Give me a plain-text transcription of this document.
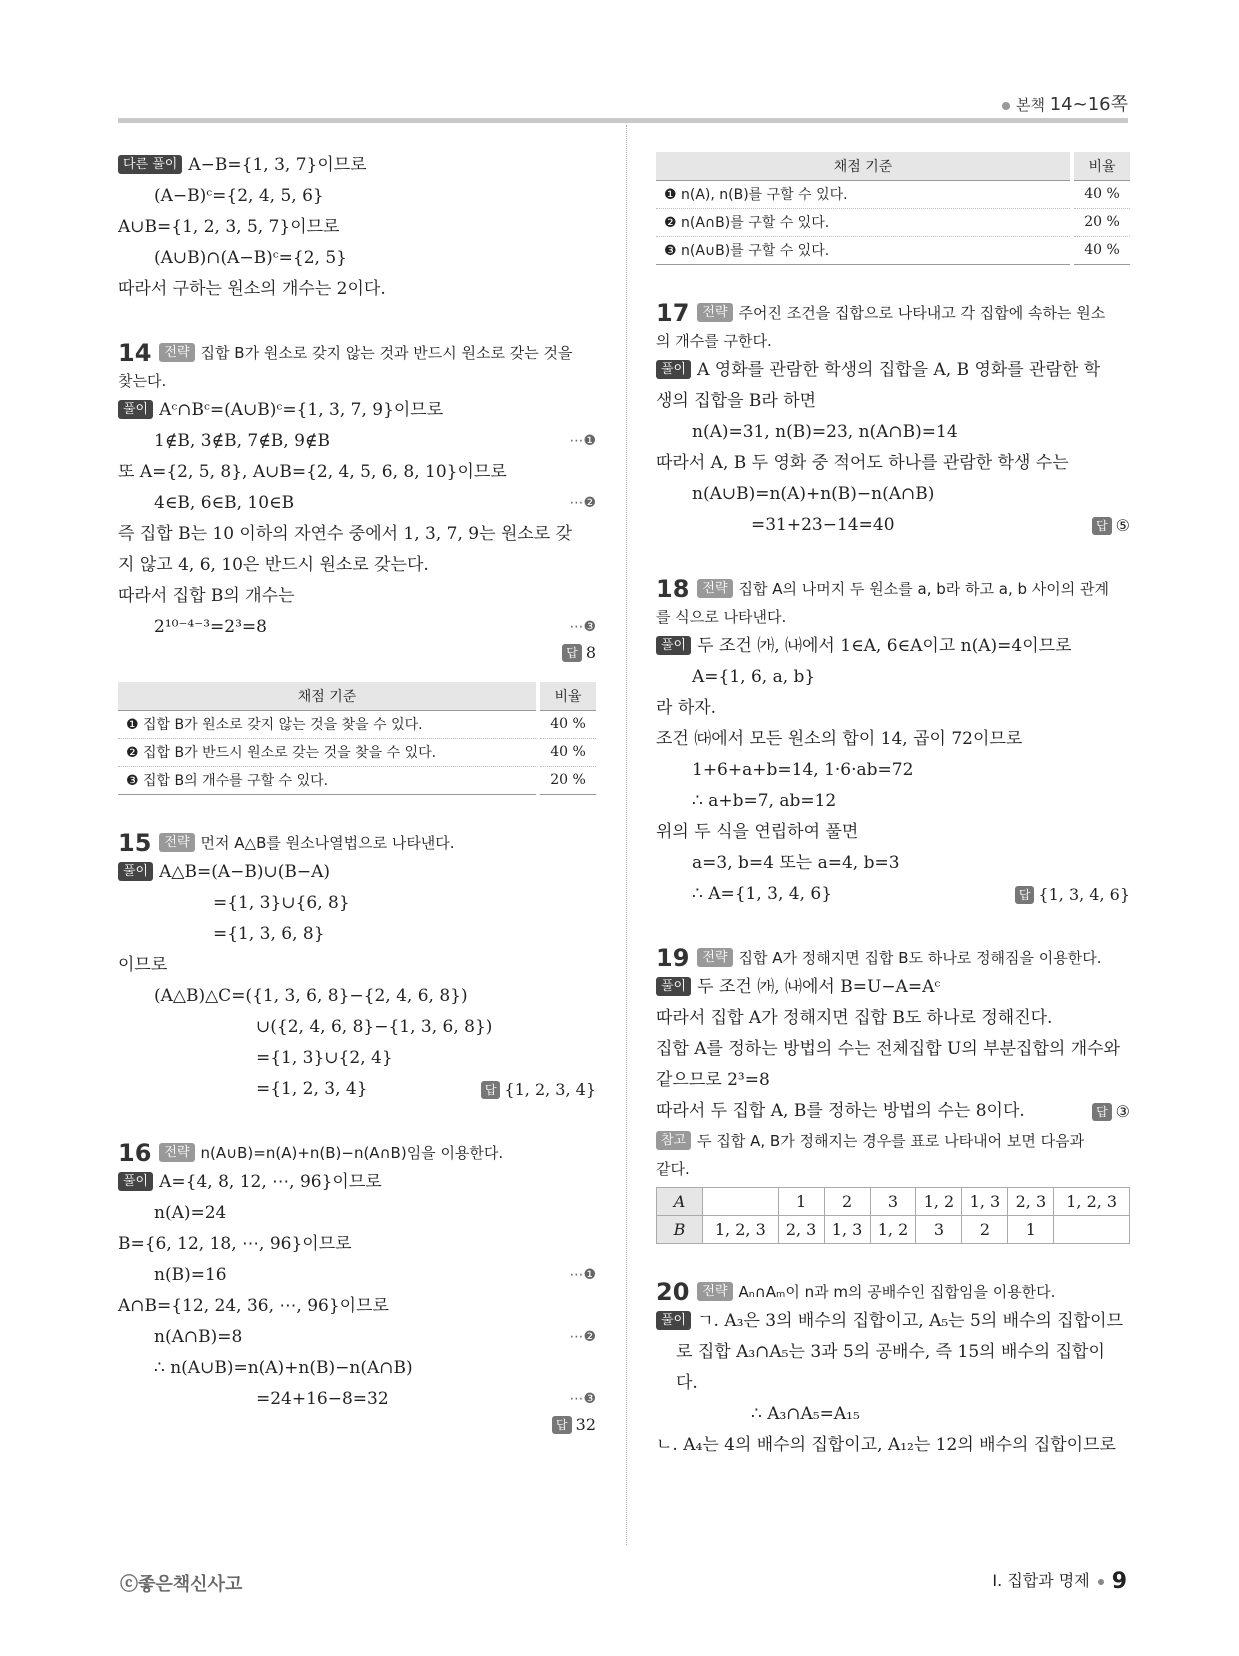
본책 14~16쪽
다른 풀이 A−B={1, 3, 7}이므로
(A−B)ᶜ={2, 4, 5, 6}
A∪B={1, 2, 3, 5, 7}이므로
(A∪B)∩(A−B)ᶜ={2, 5}
따라서 구하는 원소의 개수는 2이다.
14 전략 집합 B가 원소로 갖지 않는 것과 반드시 원소로 갖는 것을
찾는다.
풀이 Aᶜ∩Bᶜ=(A∪B)ᶜ={1, 3, 7, 9}이므로
1∉B, 3∉B, 7∉B, 9∉B	⋯❶
또 A={2, 5, 8}, A∪B={2, 4, 5, 6, 8, 10}이므로
4∈B, 6∈B, 10∈B	⋯❷
즉 집합 B는 10 이하의 자연수 중에서 1, 3, 7, 9는 원소로 갖
지 않고 4, 6, 10은 반드시 원소로 갖는다.
따라서 집합 B의 개수는
2¹⁰⁻⁴⁻³=2³=8	⋯❸
답 8
채점 기준	비율
❶ 집합 B가 원소로 갖지 않는 것을 찾을 수 있다.	40 %
❷ 집합 B가 반드시 원소로 갖는 것을 찾을 수 있다.	40 %
❸ 집합 B의 개수를 구할 수 있다.	20 %
15 전략 먼저 A△B를 원소나열법으로 나타낸다.
풀이 A△B=(A−B)∪(B−A)
={1, 3}∪{6, 8}
={1, 3, 6, 8}
이므로
(A△B)△C=({1, 3, 6, 8}−{2, 4, 6, 8})
∪({2, 4, 6, 8}−{1, 3, 6, 8})
={1, 3}∪{2, 4}
={1, 2, 3, 4}	답 {1, 2, 3, 4}
16 전략 n(A∪B)=n(A)+n(B)−n(A∩B)임을 이용한다.
풀이 A={4, 8, 12, ⋯, 96}이므로
n(A)=24
B={6, 12, 18, ⋯, 96}이므로
n(B)=16	⋯❶
A∩B={12, 24, 36, ⋯, 96}이므로
n(A∩B)=8	⋯❷
∴ n(A∪B)=n(A)+n(B)−n(A∩B)
=24+16−8=32	⋯❸
답 32
채점 기준	비율
❶ n(A), n(B)를 구할 수 있다.	40 %
❷ n(A∩B)를 구할 수 있다.	20 %
❸ n(A∪B)를 구할 수 있다.	40 %
17 전략 주어진 조건을 집합으로 나타내고 각 집합에 속하는 원소
의 개수를 구한다.
풀이 A 영화를 관람한 학생의 집합을 A, B 영화를 관람한 학
생의 집합을 B라 하면
n(A)=31, n(B)=23, n(A∩B)=14
따라서 A, B 두 영화 중 적어도 하나를 관람한 학생 수는
n(A∪B)=n(A)+n(B)−n(A∩B)
=31+23−14=40	답 ⑤
18 전략 집합 A의 나머지 두 원소를 a, b라 하고 a, b 사이의 관계
를 식으로 나타낸다.
풀이 두 조건 ㈎, ㈏에서 1∈A, 6∈A이고 n(A)=4이므로
A={1, 6, a, b}
라 하자.
조건 ㈐에서 모든 원소의 합이 14, 곱이 72이므로
1+6+a+b=14, 1·6·ab=72
∴ a+b=7, ab=12
위의 두 식을 연립하여 풀면
a=3, b=4 또는 a=4, b=3
∴ A={1, 3, 4, 6}	답 {1, 3, 4, 6}
19 전략 집합 A가 정해지면 집합 B도 하나로 정해짐을 이용한다.
풀이 두 조건 ㈎, ㈏에서 B=U−A=Aᶜ
따라서 집합 A가 정해지면 집합 B도 하나로 정해진다.
집합 A를 정하는 방법의 수는 전체집합 U의 부분집합의 개수와
같으므로 2³=8
따라서 두 집합 A, B를 정하는 방법의 수는 8이다.	답 ③
참고 두 집합 A, B가 정해지는 경우를 표로 나타내어 보면 다음과
같다.
A		1	2	3	1, 2	1, 3	2, 3	1, 2, 3
B	1, 2, 3	2, 3	1, 3	1, 2	3	2	1	
20 전략 Aₙ∩Aₘ이 n과 m의 공배수인 집합임을 이용한다.
풀이 ㄱ. A₃은 3의 배수의 집합이고, A₅는 5의 배수의 집합이므
로 집합 A₃∩A₅는 3과 5의 공배수, 즉 15의 배수의 집합이
다.
∴ A₃∩A₅=A₁₅
ㄴ. A₄는 4의 배수의 집합이고, A₁₂는 12의 배수의 집합이므로
ⓒ좋은책신사고	Ⅰ. 집합과 명제 9
